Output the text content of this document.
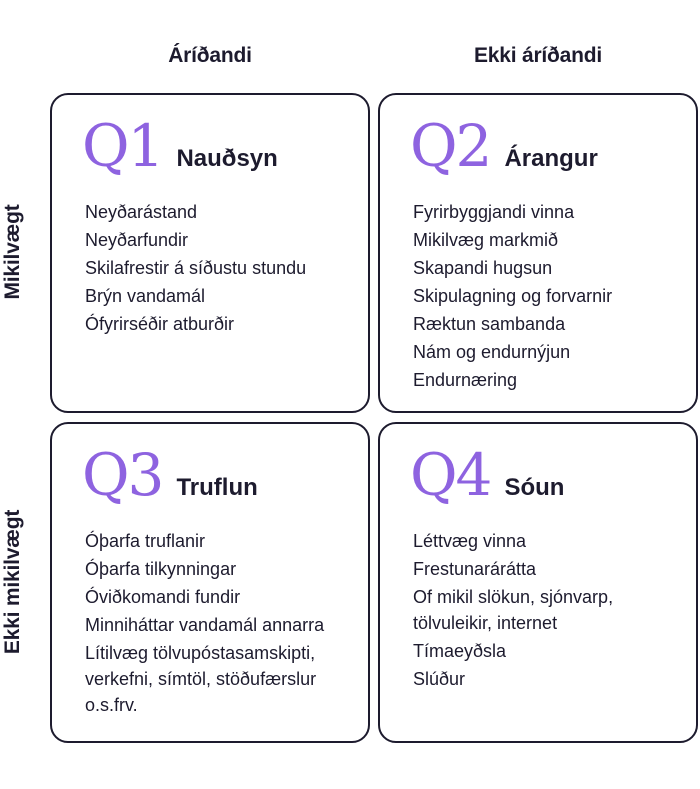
Áríðandi	Ekki áríðandi
Mikilvægt
Ekki mikilvægt
Q1 Nauðsyn
Neyðarástand
Neyðarfundir
Skilafrestir á síðustu stundu
Brýn vandamál
Ófyrirséðir atburðir
Q2 Árangur
Fyrirbyggjandi vinna
Mikilvæg markmið
Skapandi hugsun
Skipulagning og forvarnir
Ræktun sambanda
Nám og endurnýjun
Endurnæring
Q3 Truflun
Óþarfa truflanir
Óþarfa tilkynningar
Óviðkomandi fundir
Minniháttar vandamál annarra
Lítilvæg tölvupóstasamskipti, verkefni, símtöl, stöðufærslur o.s.frv.
Q4 Sóun
Léttvæg vinna
Frestunarárátta
Of mikil slökun, sjónvarp, tölvuleikir, internet
Tímaeyðsla
Slúður
